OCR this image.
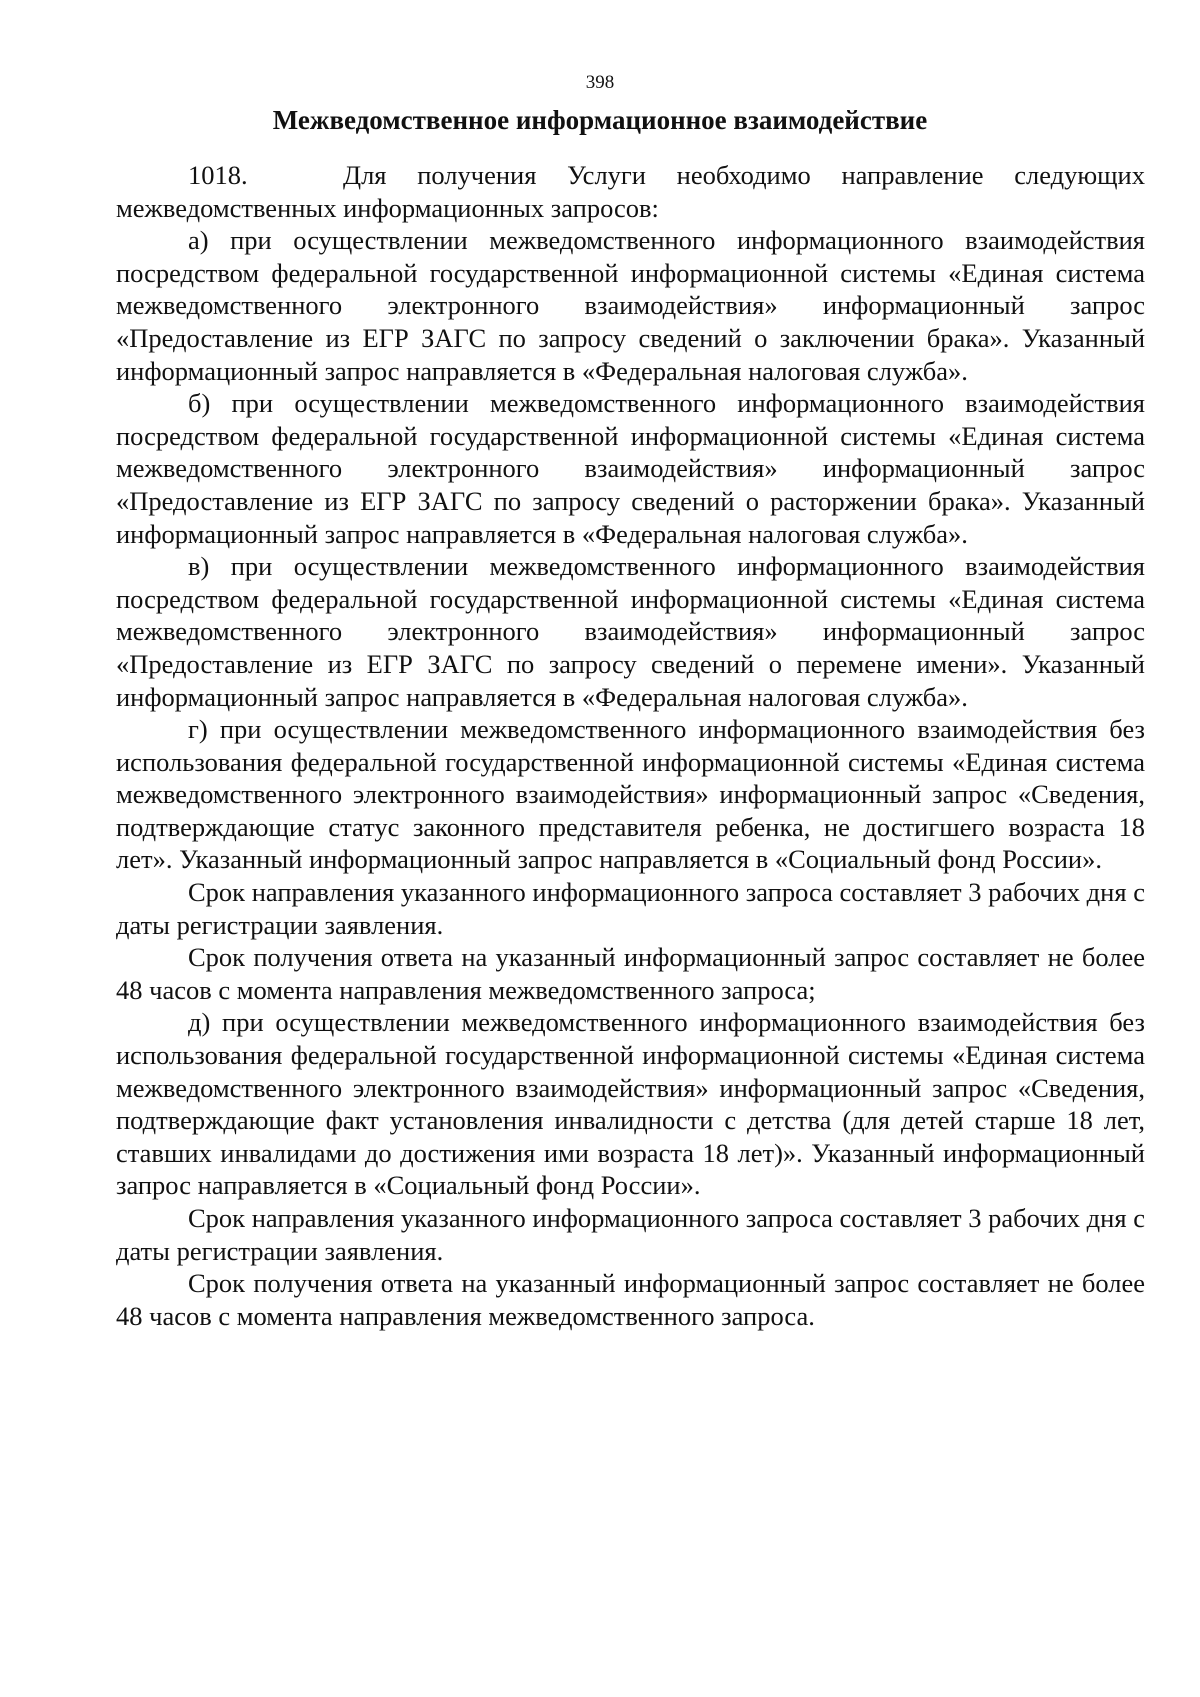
398
Межведомственное информационное взаимодействие

1018.	Для получения Услуги необходимо направление следующих межведомственных информационных запросов:

а) при осуществлении межведомственного информационного взаимодействия посредством федеральной государственной информационной системы «Единая система межведомственного электронного взаимодействия» информационный запрос «Предоставление из ЕГР ЗАГС по запросу сведений о заключении брака». Указанный информационный запрос направляется в «Федеральная налоговая служба».

б) при осуществлении межведомственного информационного взаимодействия посредством федеральной государственной информационной системы «Единая система межведомственного электронного взаимодействия» информационный запрос «Предоставление из ЕГР ЗАГС по запросу сведений о расторжении брака». Указанный информационный запрос направляется в «Федеральная налоговая служба».

в) при осуществлении межведомственного информационного взаимодействия посредством федеральной государственной информационной системы «Единая система межведомственного электронного взаимодействия» информационный запрос «Предоставление из ЕГР ЗАГС по запросу сведений о перемене имени». Указанный информационный запрос направляется в «Федеральная налоговая служба».

г) при осуществлении межведомственного информационного взаимодействия без использования федеральной государственной информационной системы «Единая система межведомственного электронного взаимодействия» информационный запрос «Сведения, подтверждающие статус законного представителя ребенка, не достигшего возраста 18 лет». Указанный информационный запрос направляется в «Социальный фонд России».

Срок направления указанного информационного запроса составляет 3 рабочих дня с даты регистрации заявления.

Срок получения ответа на указанный информационный запрос составляет не более 48 часов с момента направления межведомственного запроса;

д) при осуществлении межведомственного информационного взаимодействия без использования федеральной государственной информационной системы «Единая система межведомственного электронного взаимодействия» информационный запрос «Сведения, подтверждающие факт установления инвалидности с детства (для детей старше 18 лет, ставших инвалидами до достижения ими возраста 18 лет)». Указанный информационный запрос направляется в «Социальный фонд России».

Срок направления указанного информационного запроса составляет 3 рабочих дня с даты регистрации заявления.

Срок получения ответа на указанный информационный запрос составляет не более 48 часов с момента направления межведомственного запроса.
